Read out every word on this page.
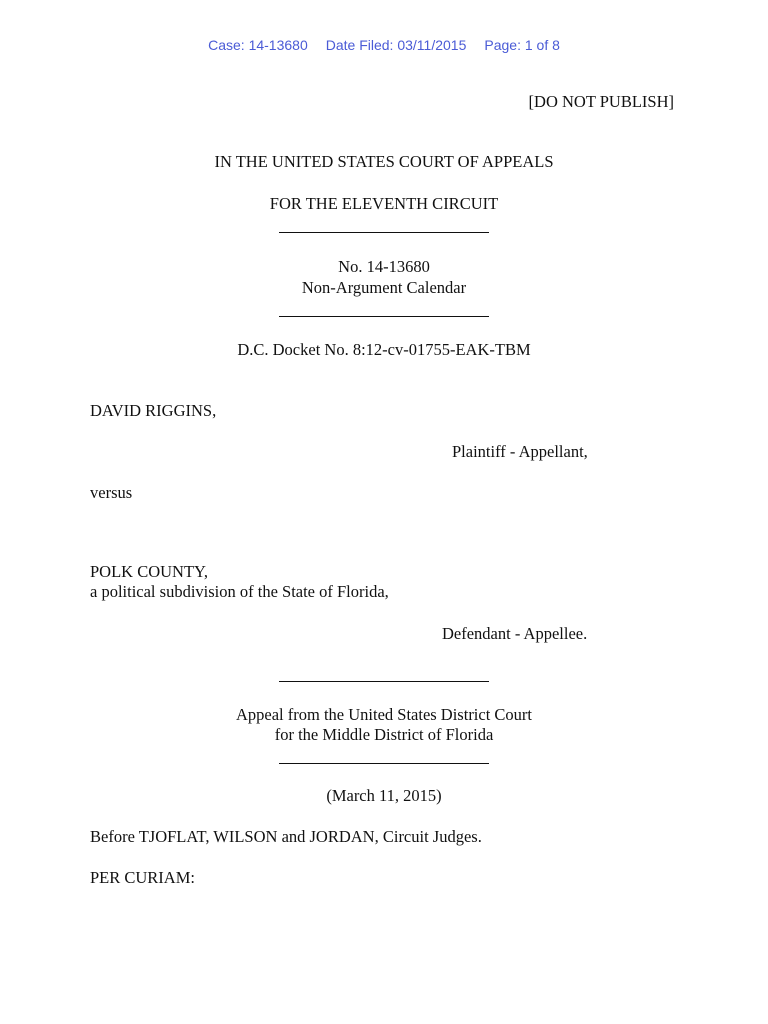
Case: 14-13680 Date Filed: 03/11/2015 Page: 1 of 8
[DO NOT PUBLISH]
IN THE UNITED STATES COURT OF APPEALS
FOR THE ELEVENTH CIRCUIT
No. 14-13680
Non-Argument Calendar
D.C. Docket No. 8:12-cv-01755-EAK-TBM
DAVID RIGGINS,
Plaintiff - Appellant,
versus
POLK COUNTY,
a political subdivision of the State of Florida,
Defendant - Appellee.
Appeal from the United States District Court
for the Middle District of Florida
(March 11, 2015)
Before TJOFLAT, WILSON and JORDAN, Circuit Judges.
PER CURIAM:
